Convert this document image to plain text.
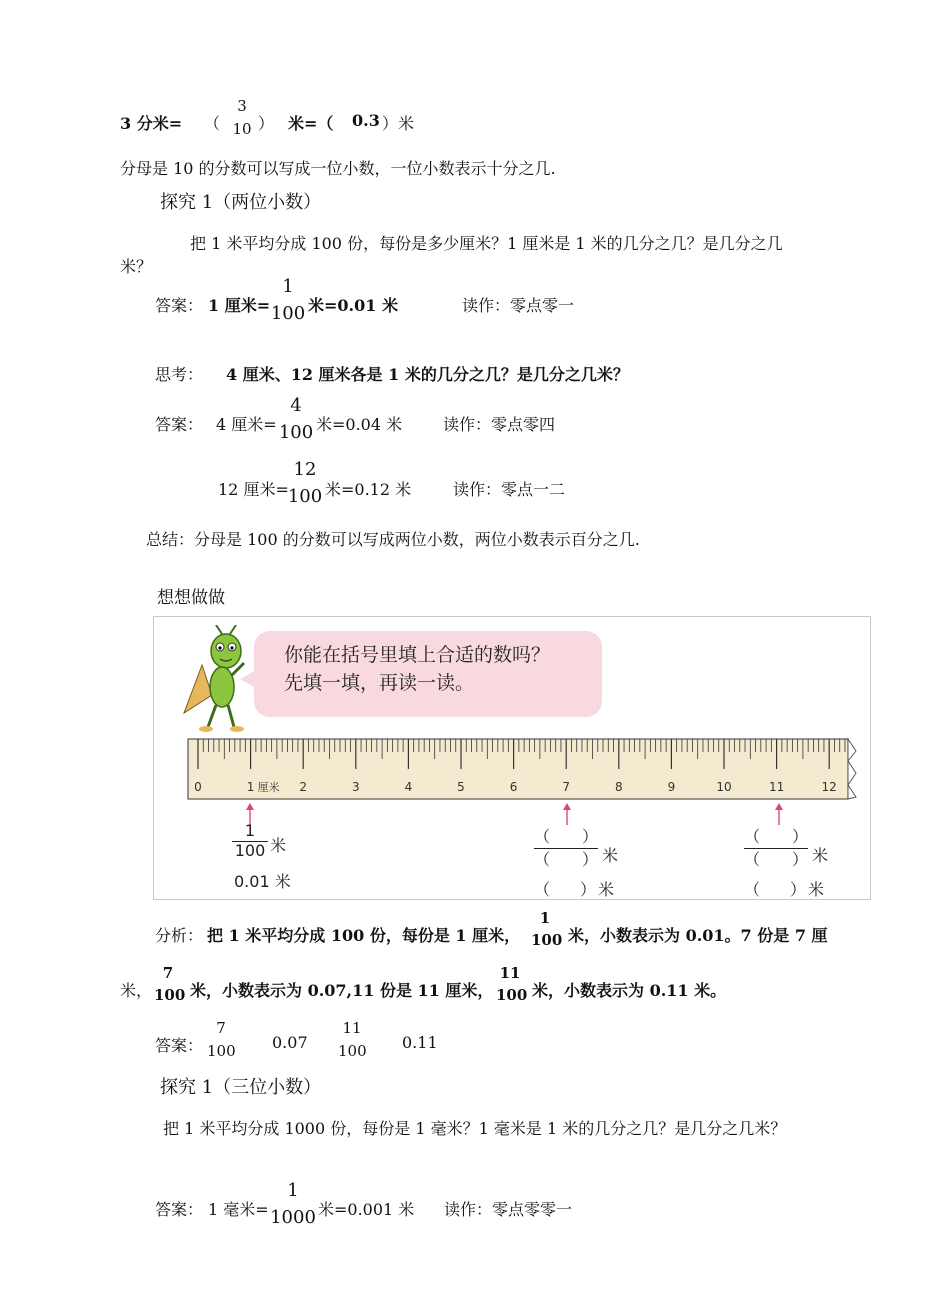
3 分米= （
3
10 ） 米=（ 0.3 ）米
分母是 10 的分数可以写成一位小数，一位小数表示十分之几.
探究 1（两位小数）
把 1 米平均分成 100 份，每份是多少厘米？1 厘米是 1 米的几分之几？是几分之几
米？
答案： 1 厘米=
1
100 米=0.01 米	读作：零点零一
思考： 4 厘米、12 厘米各是 1 米的几分之几？是几分之几米？
答案： 4 厘米=
4
100 米=0.04 米	读作：零点零四
12 厘米=
12
100 米=0.12 米	读作：零点一二
总结：分母是 100 的分数可以写成两位小数，两位小数表示百分之几.
想想做做
你能在括号里填上合适的数吗？
先填一填，再读一读。
0	1	2	3	4	5	6	7	8	9	10	11	12
厘米
$\frac{1}{100}$ 米
0.01 米
（ ）
（ ） 米
（ ） 米
（ ）
（ ） 米
（ ） 米
分析： 把 1 米平均分成 100 份，每份是 1 厘米，
1
100 米，小数表示为 0.01。7 份是 7 厘
米，
7
100 米，小数表示为 0.07,11 份是 11 厘米，
11
100 米，小数表示为 0.11 米。
答案：
7
100 0.07
11
100 0.11
探究 1（三位小数）
把 1 米平均分成 1000 份，每份是 1 毫米？1 毫米是 1 米的几分之几？是几分之几米？
答案： 1 毫米=
1
1000 米=0.001 米 读作：零点零零一
